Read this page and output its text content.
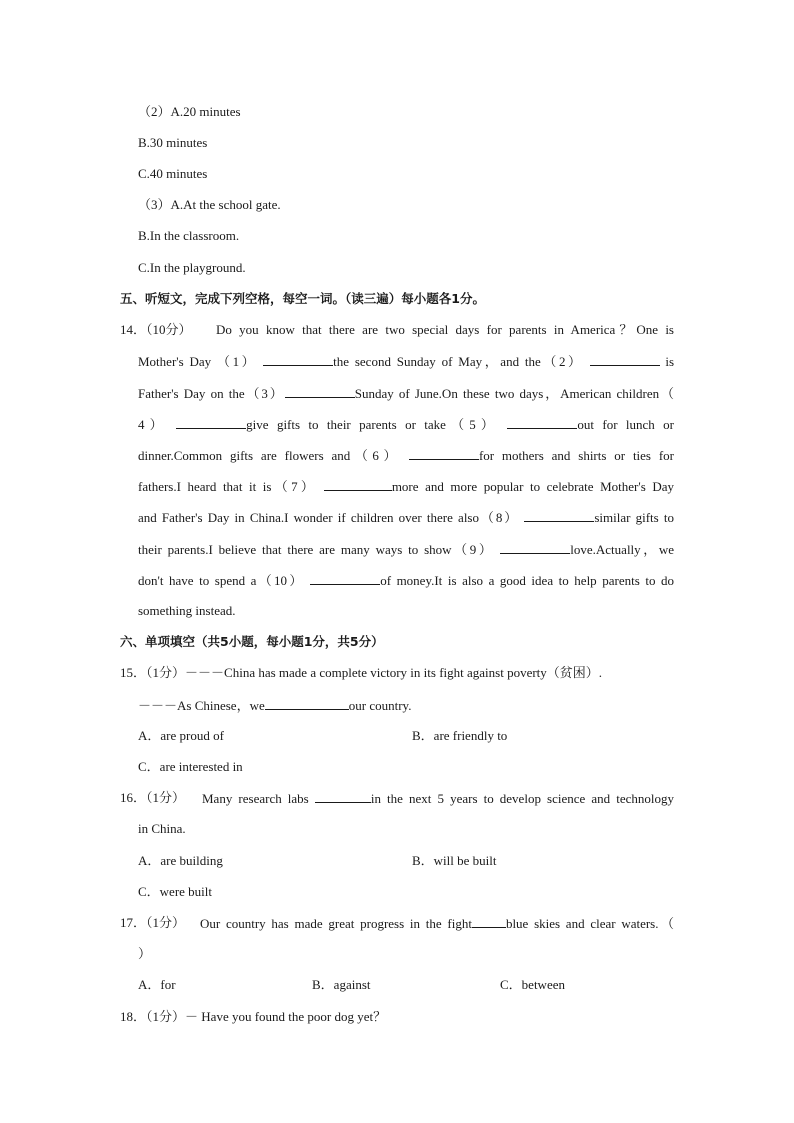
（2）A.20 minutes
B.30 minutes
C.40 minutes
（3）A.At the school gate.
B.In the classroom.
C.In the playground.
五、听短文，完成下列空格，每空一词。（读三遍）每小题各1分。
14．（10分） Do you know that there are two special days for parents in America？One is
Mother's Day （1）	the second Sunday of May，and the（2）	is
Father's Day on the（3）	Sunday of June.On these two days，American children（
4）	give gifts to their parents or take（5）	out for lunch or
dinner.Common gifts are flowers and（6）	for mothers and shirts or ties for
fathers.I heard that it is（7）	more and more popular to celebrate Mother's Day
and Father's Day in China.I wonder if children over there also（8）	similar gifts to
their parents.I believe that there are many ways to show（9）	love.Actually，we
don't have to spend a（10）	of money.It is also a good idea to help parents to do
something instead.
六、单项填空（共5小题，每小题1分，共5分）
15．（1分）－－－China has made a complete victory in its fight against poverty（贫困）.
－－－As Chinese，we	our country.
A．are proud of	B．are friendly to
C．are interested in
16．（1分） Many research labs	in the next 5 years to develop science and technology
in China.
A．are building	B．will be built
C．were built
17．（1分） Our country has made great progress in the fight	blue skies and clear waters.（
）
A．for	B．against	C．between
18．（1分）－ Have you found the poor dog yet？
